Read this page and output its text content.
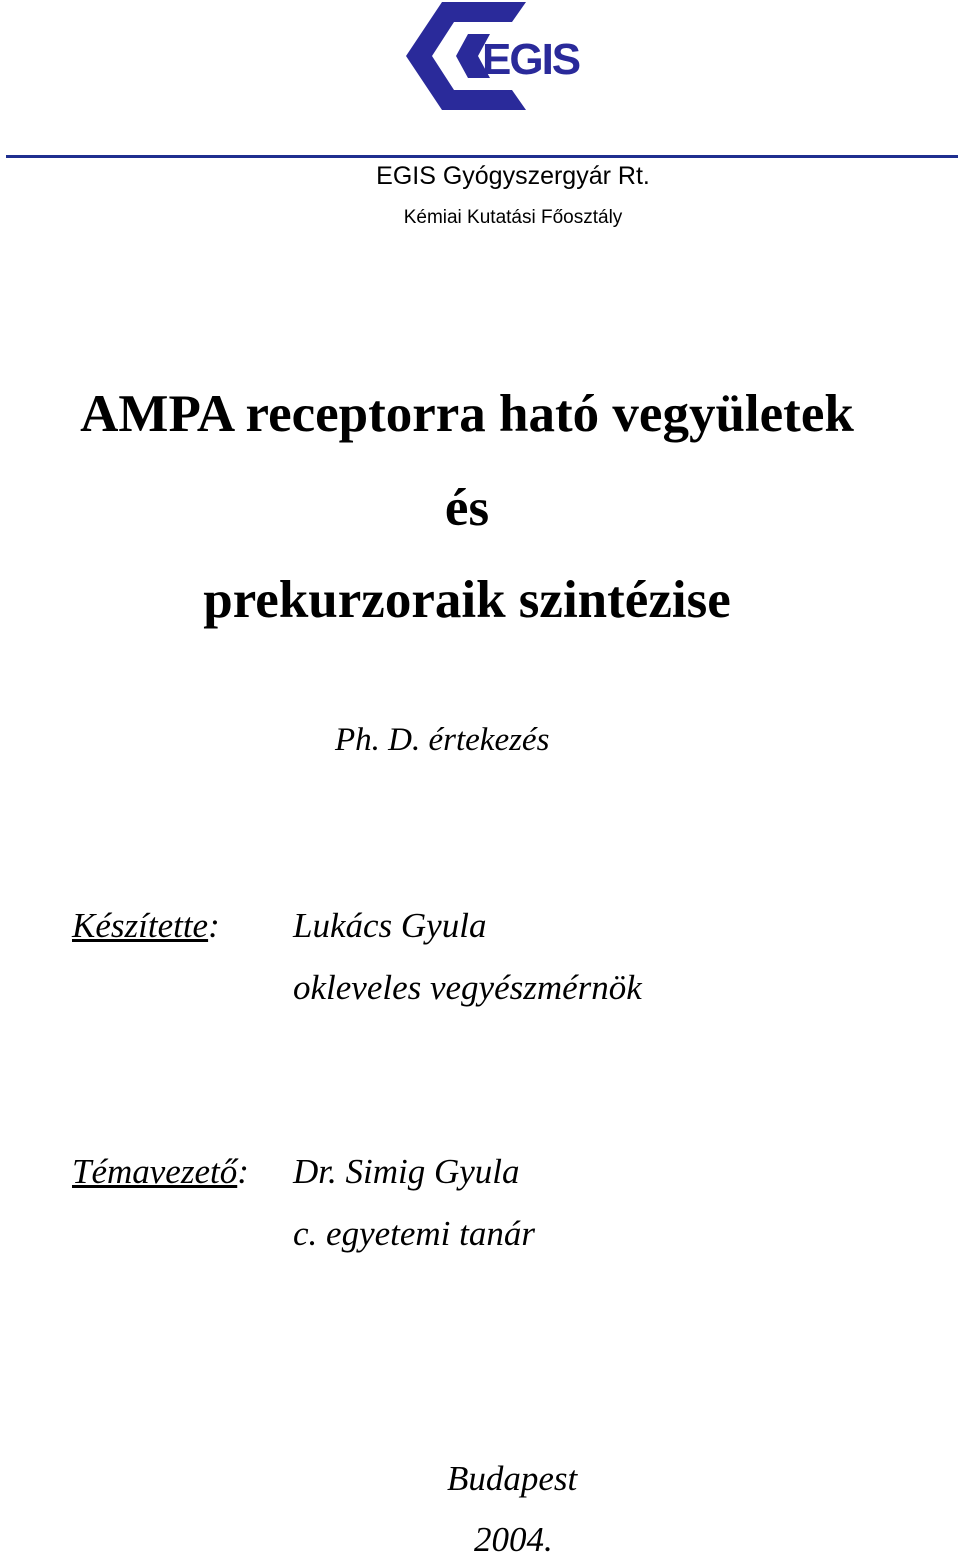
EGIS
EGIS Gyógyszergyár Rt.
Kémiai Kutatási Főosztály
AMPA receptorra ható vegyületek
és
prekurzoraik szintézise
Ph. D. értekezés
Készítette: Lukács Gyula
okleveles vegyészmérnök
Témavezető: Dr. Simig Gyula
c. egyetemi tanár
Budapest
2004.
